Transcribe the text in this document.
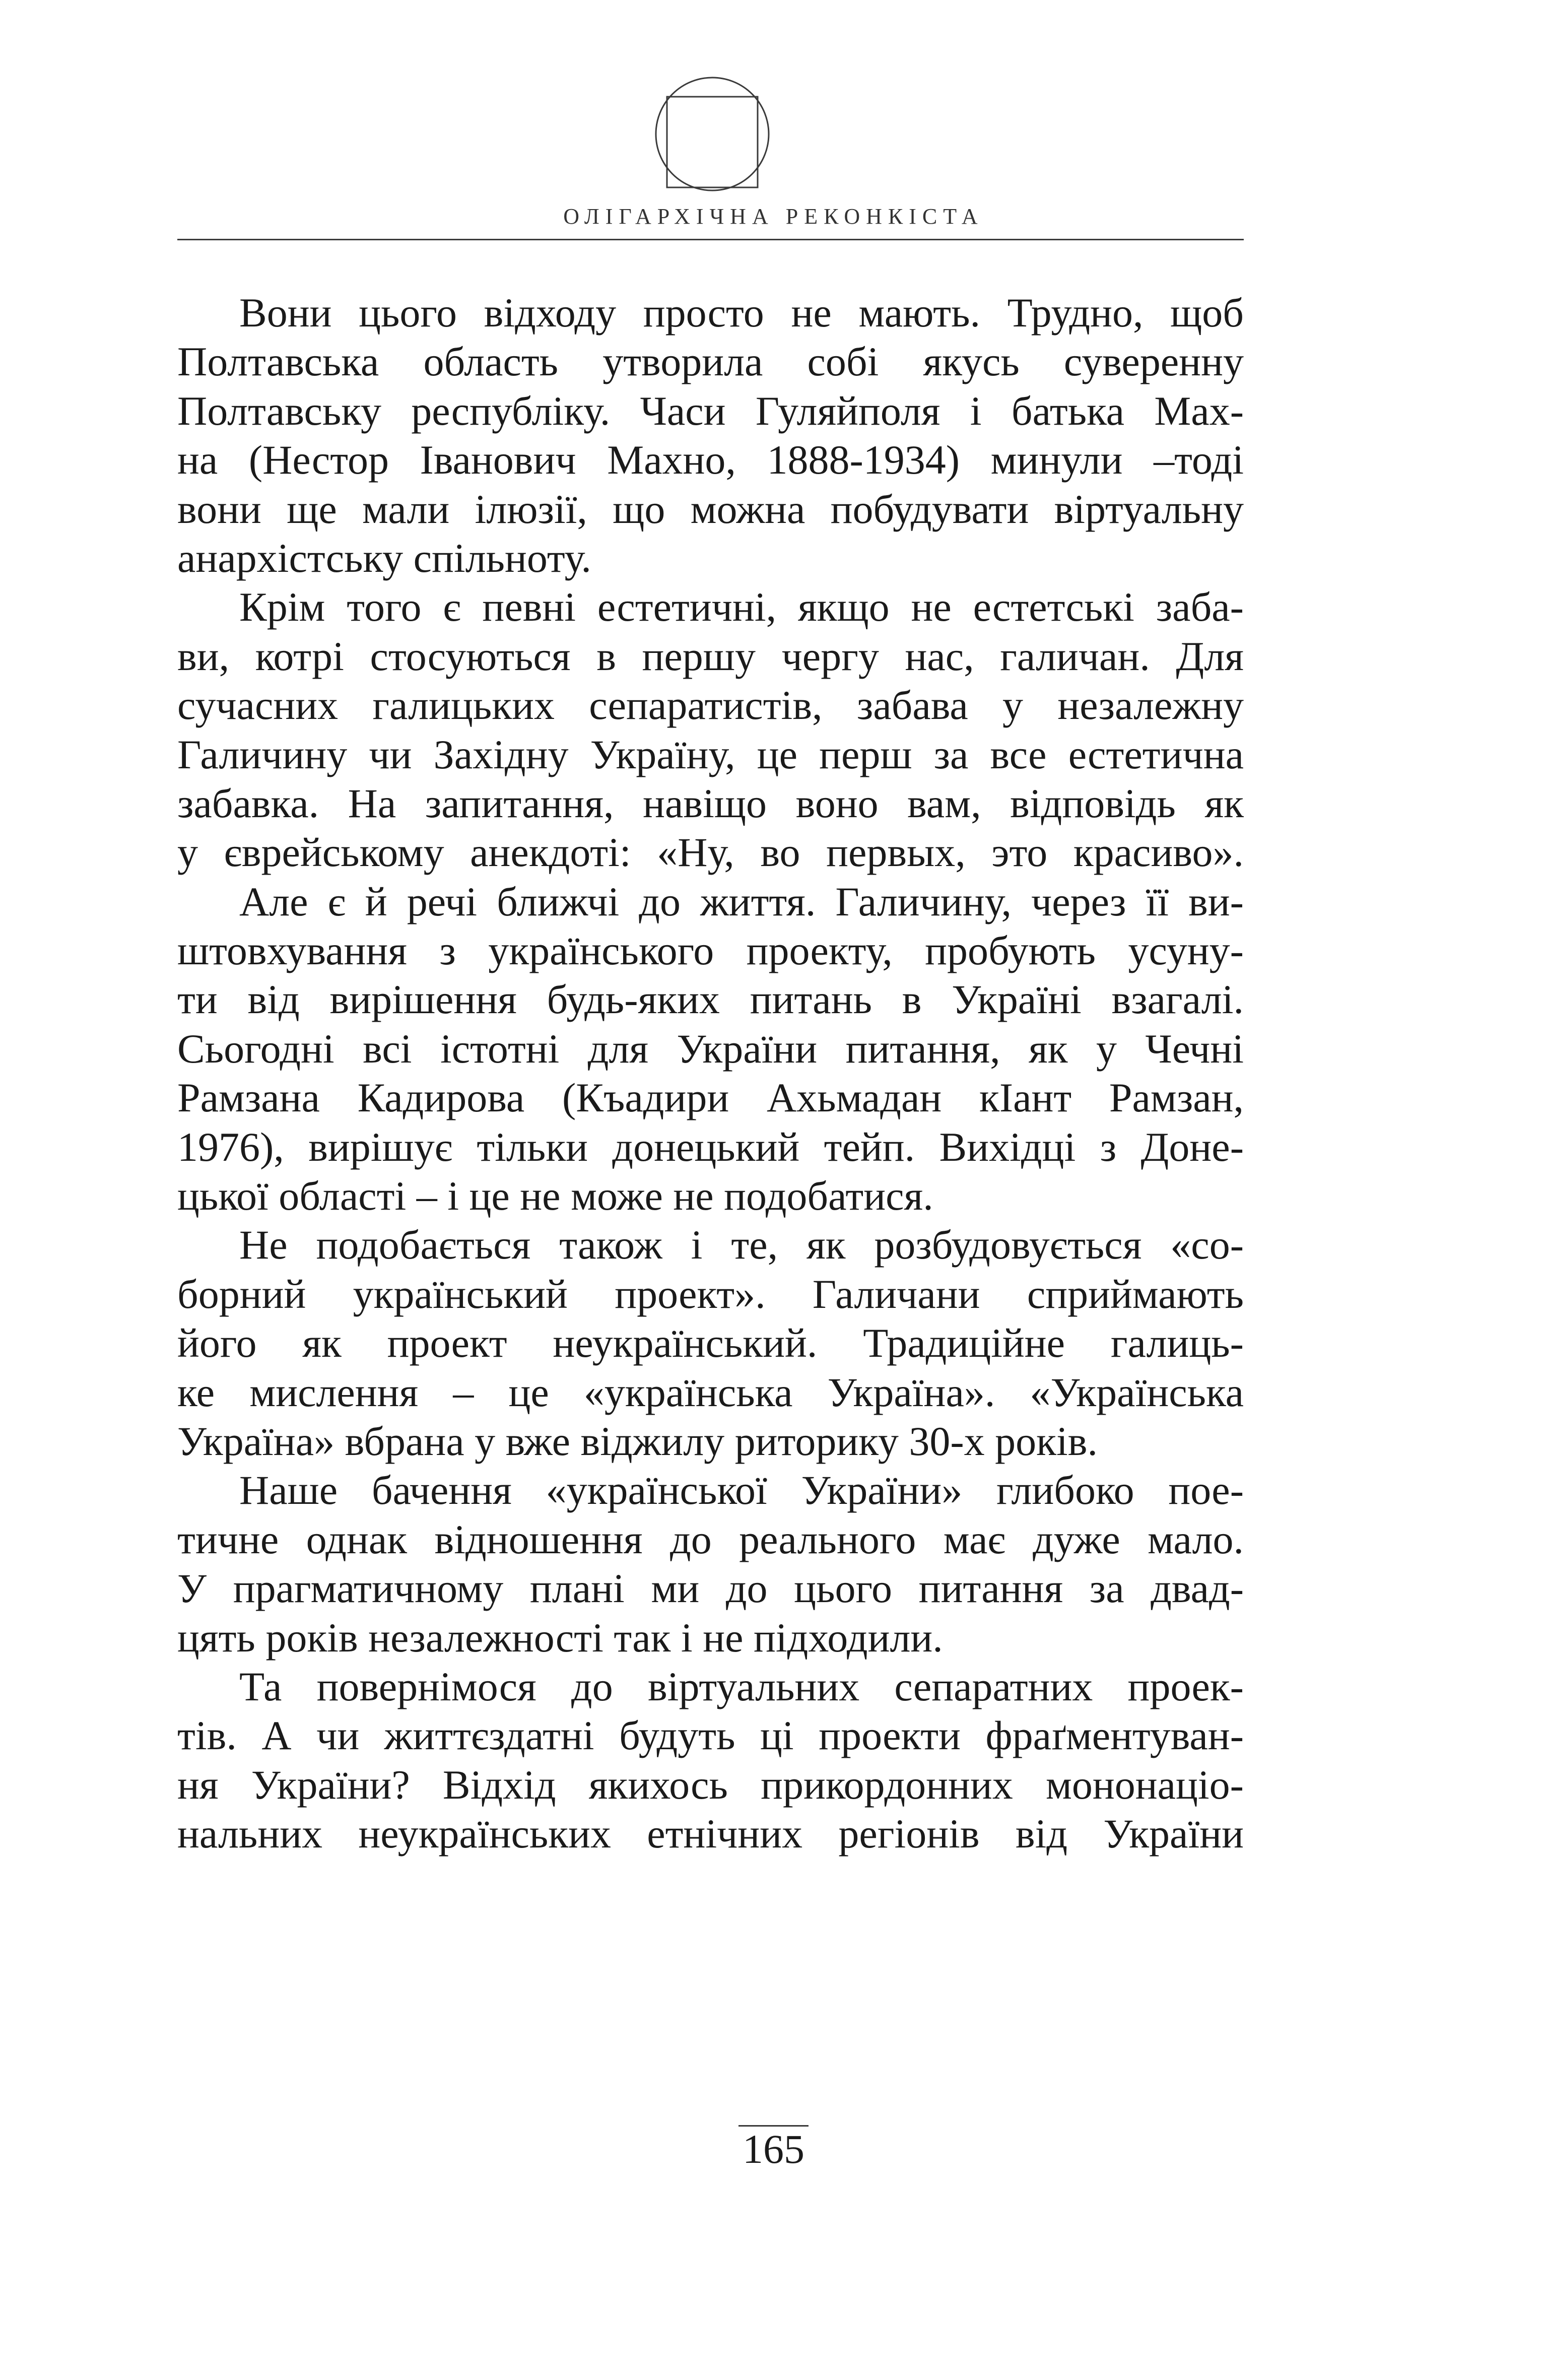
ОЛІГАРХІЧНА РЕКОНКІСТА
Вони цього відходу просто не мають. Трудно, щоб
Полтавська область утворила собі якусь суверенну
Полтавську республіку. Часи Гуляйполя і батька Мах-
на (Нестор Іванович Махно, 1888-1934) минули –тоді
вони ще мали ілюзії, що можна побудувати віртуальну
анархістську спільноту.
Крім того є певні естетичні, якщо не естетські заба-
ви, котрі стосуються в першу чергу нас, галичан. Для
сучасних галицьких сепаратистів, забава у незалежну
Галичину чи Західну Україну, це перш за все естетична
забавка. На запитання, навіщо воно вам, відповідь як
у єврейському анекдоті: «Ну, во первых, это красиво».
Але є й речі ближчі до життя. Галичину, через її ви-
штовхування з українського проекту, пробують усуну-
ти від вирішення будь-яких питань в Україні взагалі.
Сьогодні всі істотні для України питання, як у Чечні
Рамзана Кадирова (Къадири Ахьмадан кІант Рамзан,
1976), вирішує тільки донецький тейп. Вихідці з Доне-
цької області – і це не може не подобатися.
Не подобається також і те, як розбудовується «со-
борний український проект». Галичани сприймають
його як проект неукраїнський. Традиційне галиць-
ке мислення – це «українська Україна». «Українська
Україна» вбрана у вже віджилу риторику 30-х років.
Наше бачення «української України» глибоко пое-
тичне однак відношення до реального має дуже мало.
У прагматичному плані ми до цього питання за двад-
цять років незалежності так і не підходили.
Та повернімося до віртуальних сепаратних проек-
тів. А чи життєздатні будуть ці проекти фраґментуван-
ня України? Відхід якихось прикордонних мононаціо-
нальних неукраїнських етнічних регіонів від України
165
